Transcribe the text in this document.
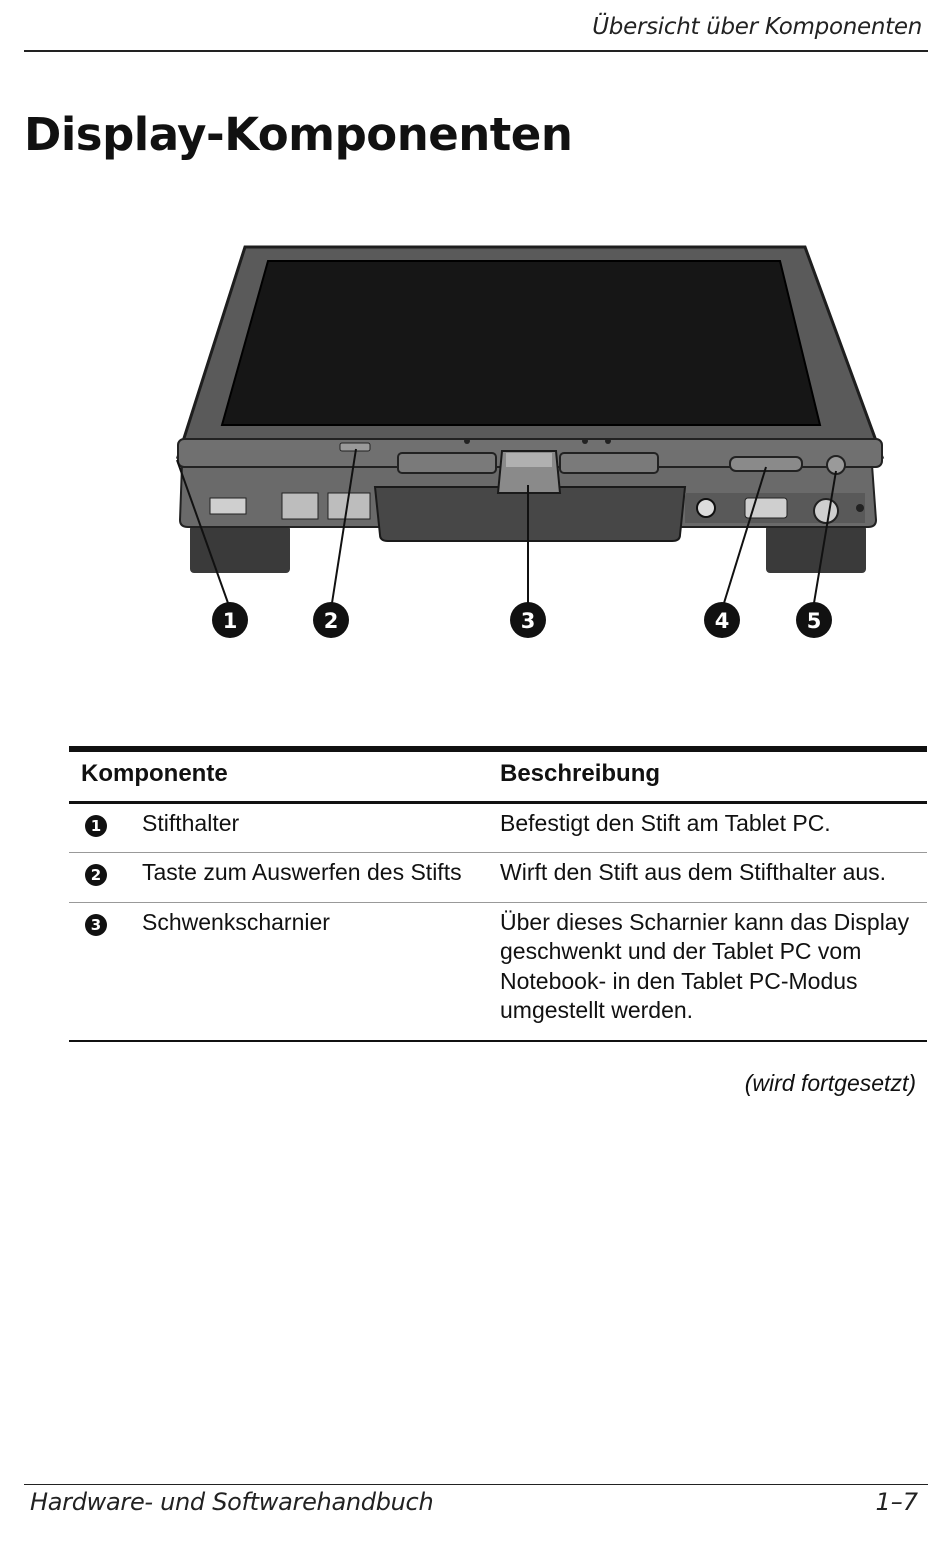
Übersicht über Komponenten
Display-Komponenten
1	2	3	4	5
Komponente		Beschreibung
1	Stifthalter	Befestigt den Stift am Tablet PC.
2	Taste zum Auswerfen des Stifts	Wirft den Stift aus dem Stifthalter aus.
3	Schwenkscharnier	Über dieses Scharnier kann das Display geschwenkt und der Tablet PC vom Notebook- in den Tablet PC-Modus umgestellt werden.
(wird fortgesetzt)
Hardware- und Softwarehandbuch	1–7
